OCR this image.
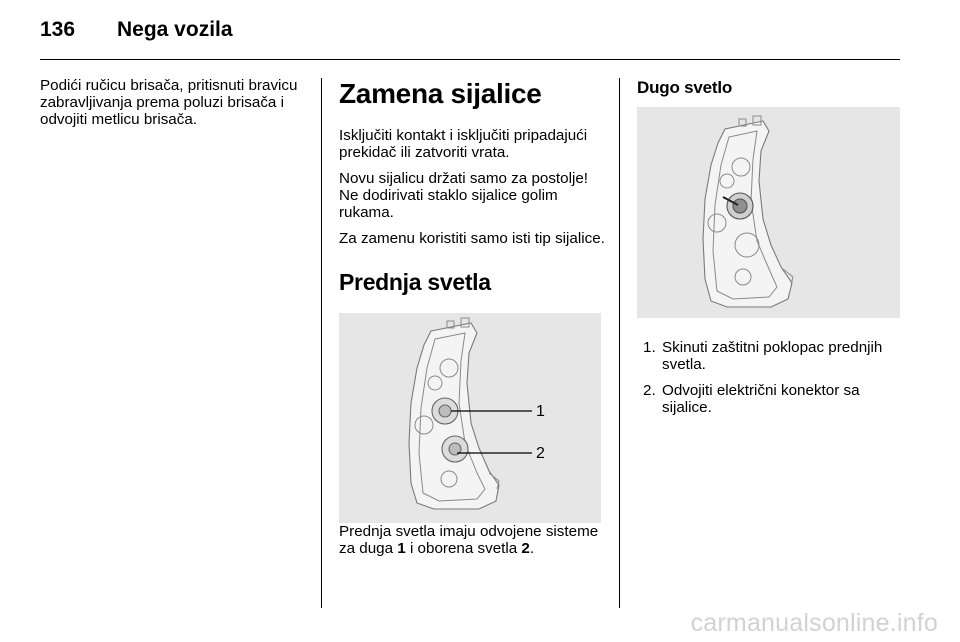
136 Nega vozila

Podići ručicu brisača, pritisnuti bravicu zabravljivanja prema poluzi brisača i odvojiti metlicu brisača.

Zamena sijalice

Isključiti kontakt i isključiti pripadajući prekidač ili zatvoriti vrata.

Novu sijalicu držati samo za postolje! Ne dodirivati staklo sijalice golim rukama.

Za zamenu koristiti samo isti tip sijalice.

Prednja svetla
1
2

Prednja svetla imaju odvojene sisteme za duga 1 i oborena svetla 2.

Dugo svetlo
1. Skinuti zaštitni poklopac prednjih svetla.
2. Odvojiti električni konektor sa sijalice.
carmanualsonline.info
